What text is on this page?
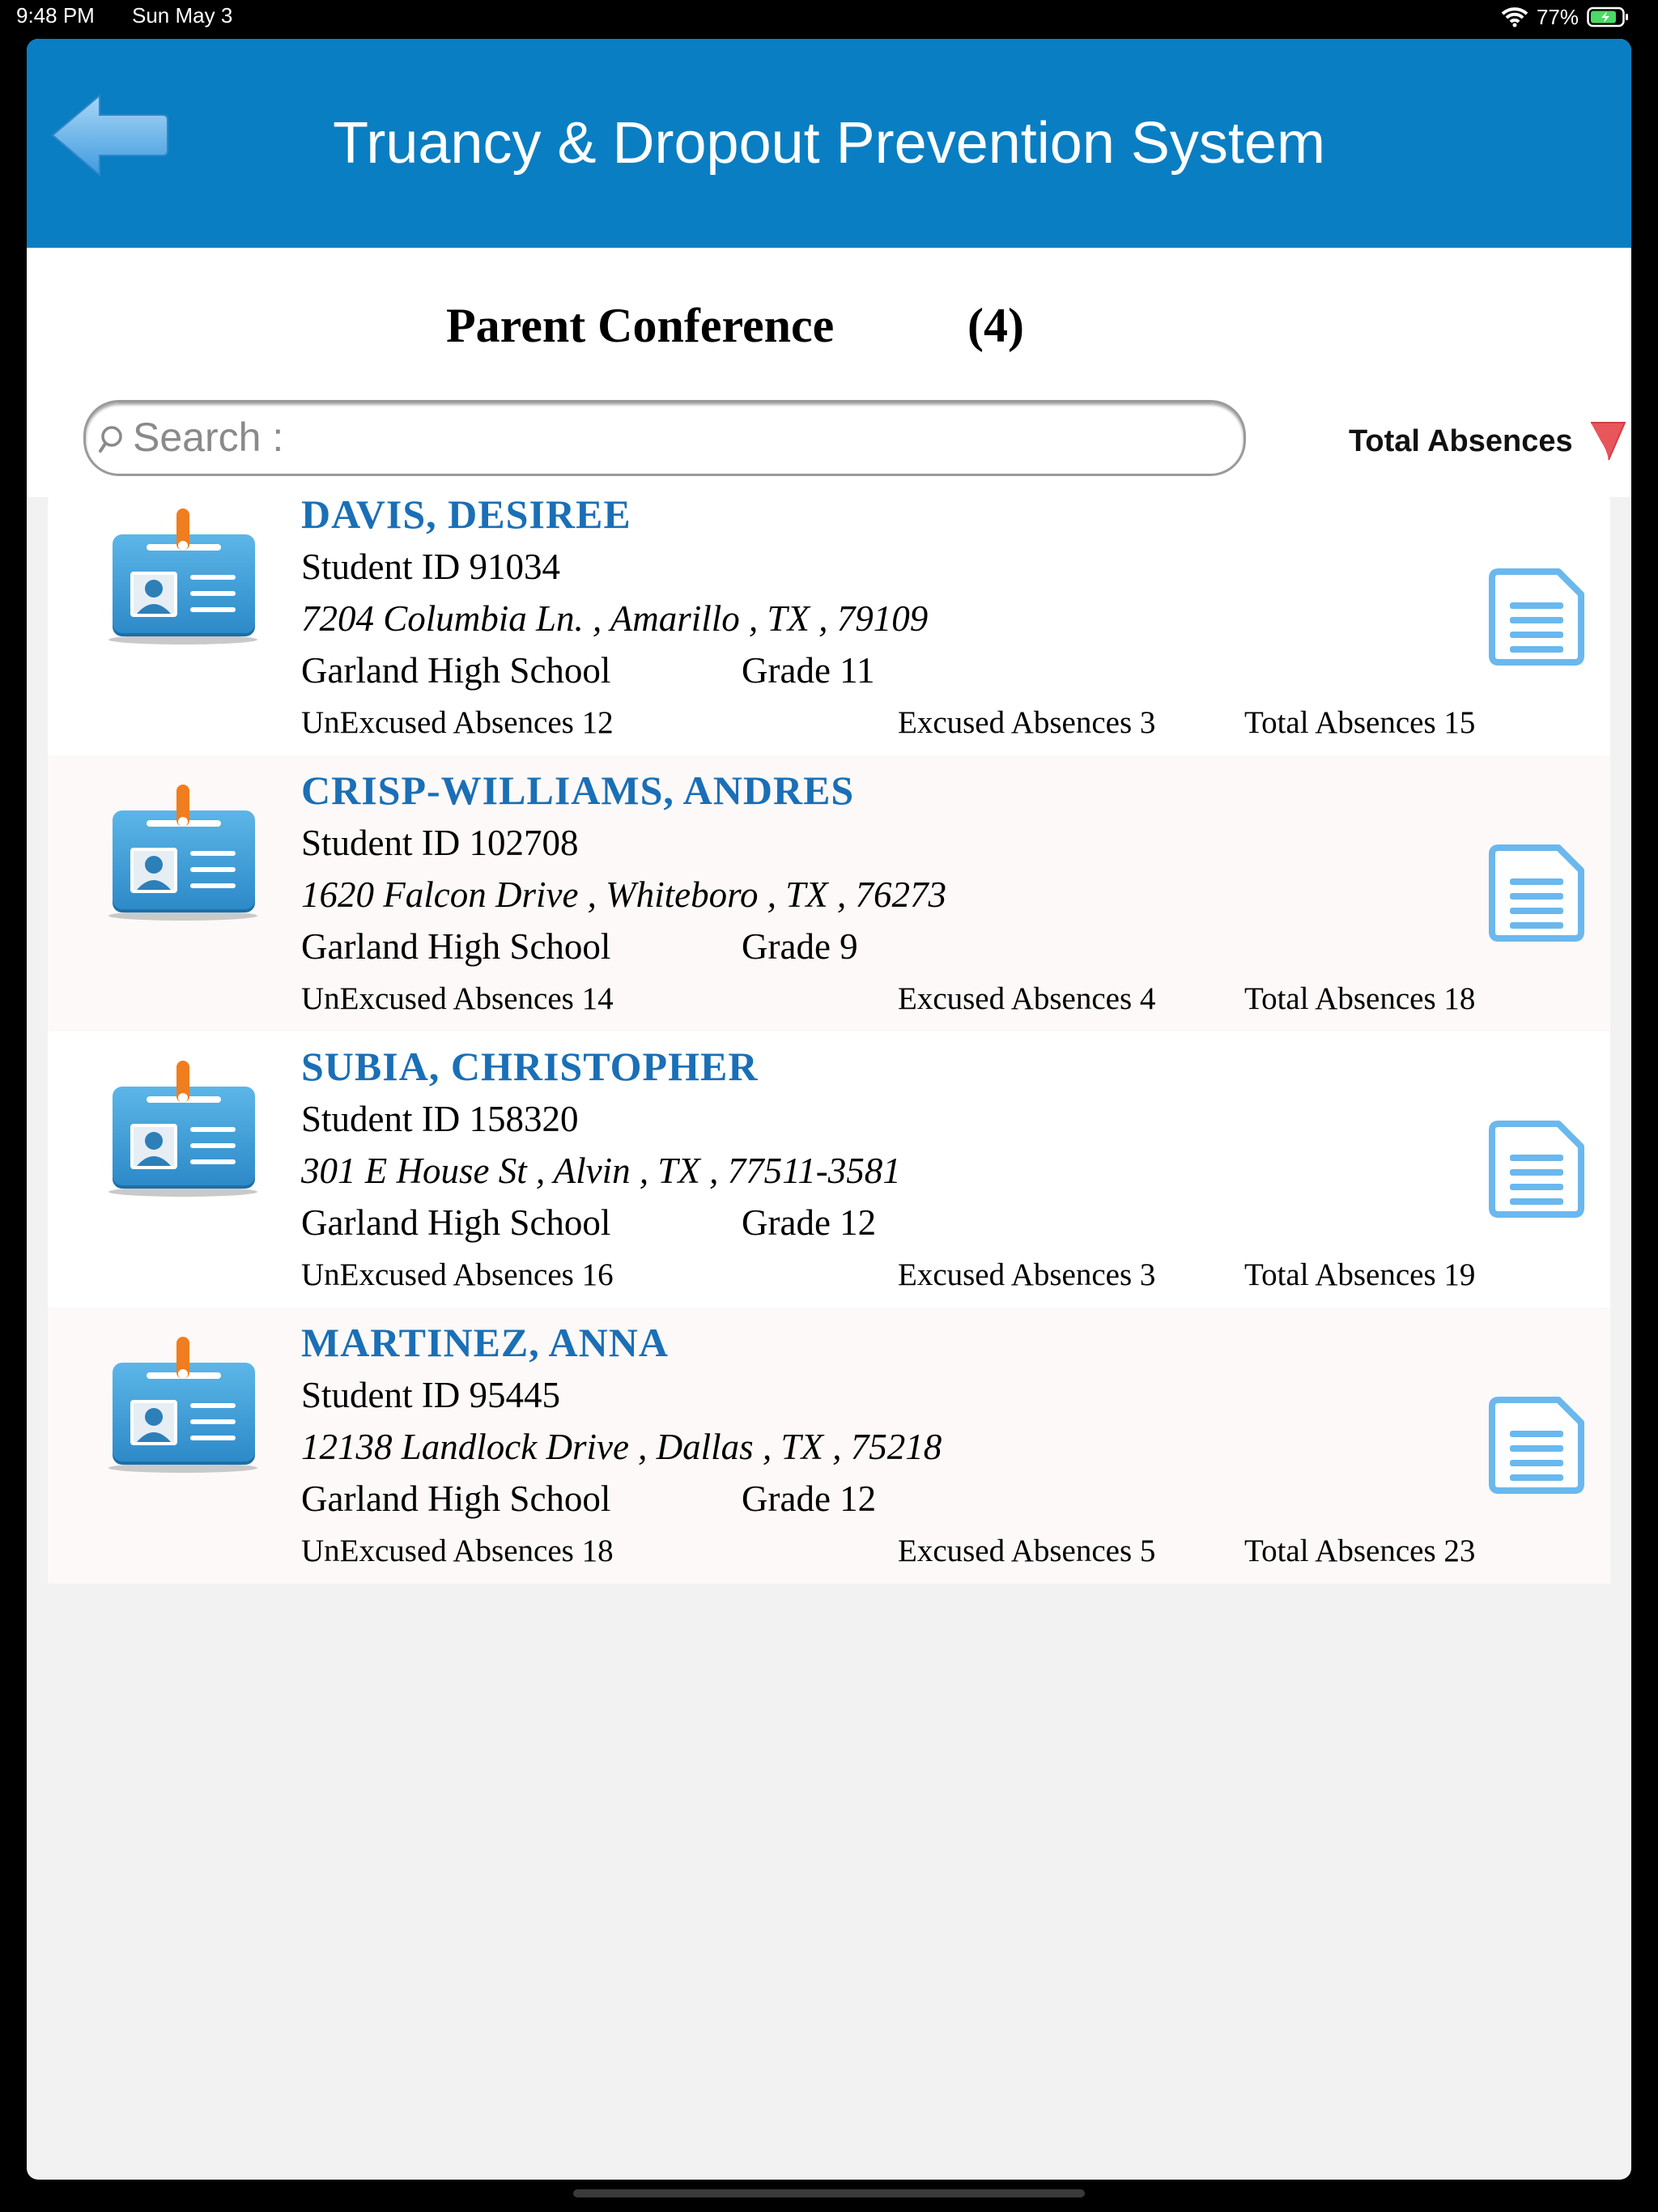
9:48 PM Sun May 3	77%
Truancy & Dropout Prevention System
Parent Conference	(4)
Search :
Total Absences
DAVIS, DESIREE
Student ID 91034
7204 Columbia Ln. , Amarillo , TX , 79109
Garland High School	Grade 11
UnExcused Absences 12	Excused Absences 3	Total Absences 15
CRISP-WILLIAMS, ANDRES
Student ID 102708
1620 Falcon Drive , Whiteboro , TX , 76273
Garland High School	Grade 9
UnExcused Absences 14	Excused Absences 4	Total Absences 18
SUBIA, CHRISTOPHER
Student ID 158320
301 E House St , Alvin , TX , 77511-3581
Garland High School	Grade 12
UnExcused Absences 16	Excused Absences 3	Total Absences 19
MARTINEZ, ANNA
Student ID 95445
12138 Landlock Drive , Dallas , TX , 75218
Garland High School	Grade 12
UnExcused Absences 18	Excused Absences 5	Total Absences 23
